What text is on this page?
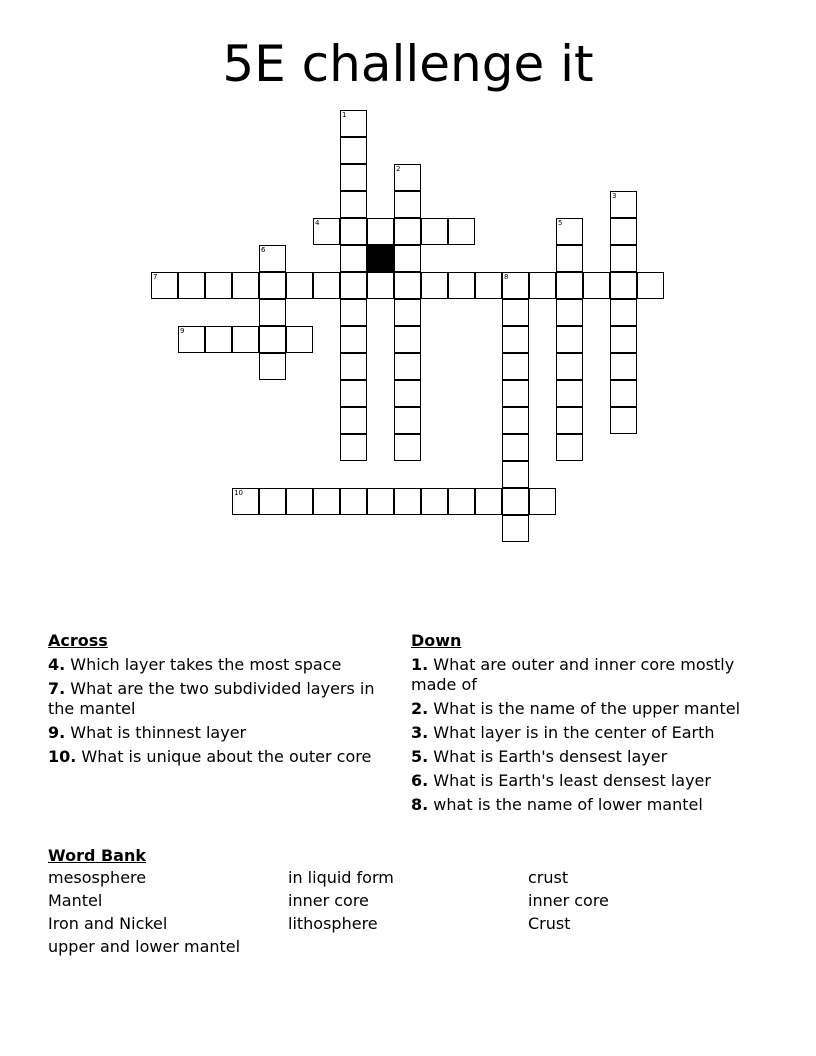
5E challenge it
1
2
3
4	5
6
7	8
9
10
Across
4. Which layer takes the most space
7. What are the two subdivided layers in the mantel
9. What is thinnest layer
10. What is unique about the outer core
Down
1. What are outer and inner core mostly made of
2. What is the name of the upper mantel
3. What layer is in the center of Earth
5. What is Earth's densest layer
6. What is Earth's least densest layer
8. what is the name of lower mantel
Word Bank
mesosphere	in liquid form	crust
Mantel	inner core	inner core
Iron and Nickel	lithosphere	Crust
upper and lower mantel
